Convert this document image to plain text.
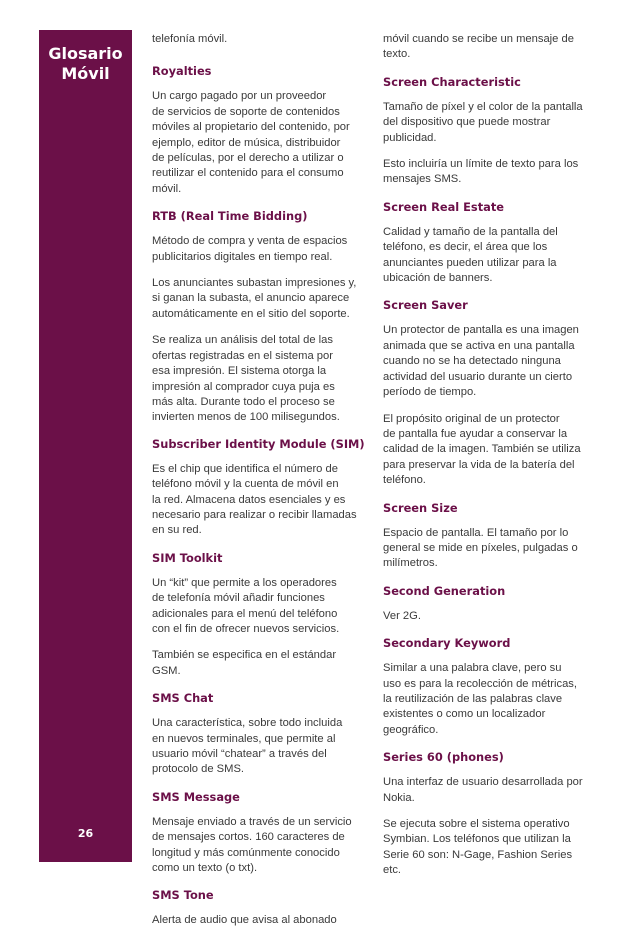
Glosario
Móvil
26

telefonía móvil.

Royalties

Un cargo pagado por un proveedor
de servicios de soporte de contenidos
móviles al propietario del contenido, por
ejemplo, editor de música, distribuidor
de películas, por el derecho a utilizar o
reutilizar el contenido para el consumo
móvil.

RTB (Real Time Bidding)

Método de compra y venta de espacios
publicitarios digitales en tiempo real.

Los anunciantes subastan impresiones y,
si ganan la subasta, el anuncio aparece
automáticamente en el sitio del soporte.

Se realiza un análisis del total de las
ofertas registradas en el sistema por
esa impresión. El sistema otorga la
impresión al comprador cuya puja es
más alta. Durante todo el proceso se
invierten menos de 100 milisegundos.

Subscriber Identity Module (SIM)

Es el chip que identifica el número de
teléfono móvil y la cuenta de móvil en
la red. Almacena datos esenciales y es
necesario para realizar o recibir llamadas
en su red.

SIM Toolkit

Un “kit” que permite a los operadores
de telefonía móvil añadir funciones
adicionales para el menú del teléfono
con el fin de ofrecer nuevos servicios.

También se especifica en el estándar
GSM.

SMS Chat

Una característica, sobre todo incluida
en nuevos terminales, que permite al
usuario móvil “chatear” a través del
protocolo de SMS.

SMS Message

Mensaje enviado a través de un servicio
de mensajes cortos. 160 caracteres de
longitud y más comúnmente conocido
como un texto (o txt).

SMS Tone

Alerta de audio que avisa al abonado

móvil cuando se recibe un mensaje de
texto.

Screen Characteristic

Tamaño de píxel y el color de la pantalla
del dispositivo que puede mostrar
publicidad.

Esto incluiría un límite de texto para los
mensajes SMS.

Screen Real Estate

Calidad y tamaño de la pantalla del
teléfono, es decir, el área que los
anunciantes pueden utilizar para la
ubicación de banners.

Screen Saver

Un protector de pantalla es una imagen
animada que se activa en una pantalla
cuando no se ha detectado ninguna
actividad del usuario durante un cierto
período de tiempo.

El propósito original de un protector
de pantalla fue ayudar a conservar la
calidad de la imagen. También se utiliza
para preservar la vida de la batería del
teléfono.

Screen Size

Espacio de pantalla. El tamaño por lo
general se mide en píxeles, pulgadas o
milímetros.

Second Generation

Ver 2G.

Secondary Keyword

Similar a una palabra clave, pero su
uso es para la recolección de métricas,
la reutilización de las palabras clave
existentes o como un localizador
geográfico.

Series 60 (phones)

Una interfaz de usuario desarrollada por
Nokia.

Se ejecuta sobre el sistema operativo
Symbian. Los teléfonos que utilizan la
Serie 60 son: N-Gage, Fashion Series
etc.
